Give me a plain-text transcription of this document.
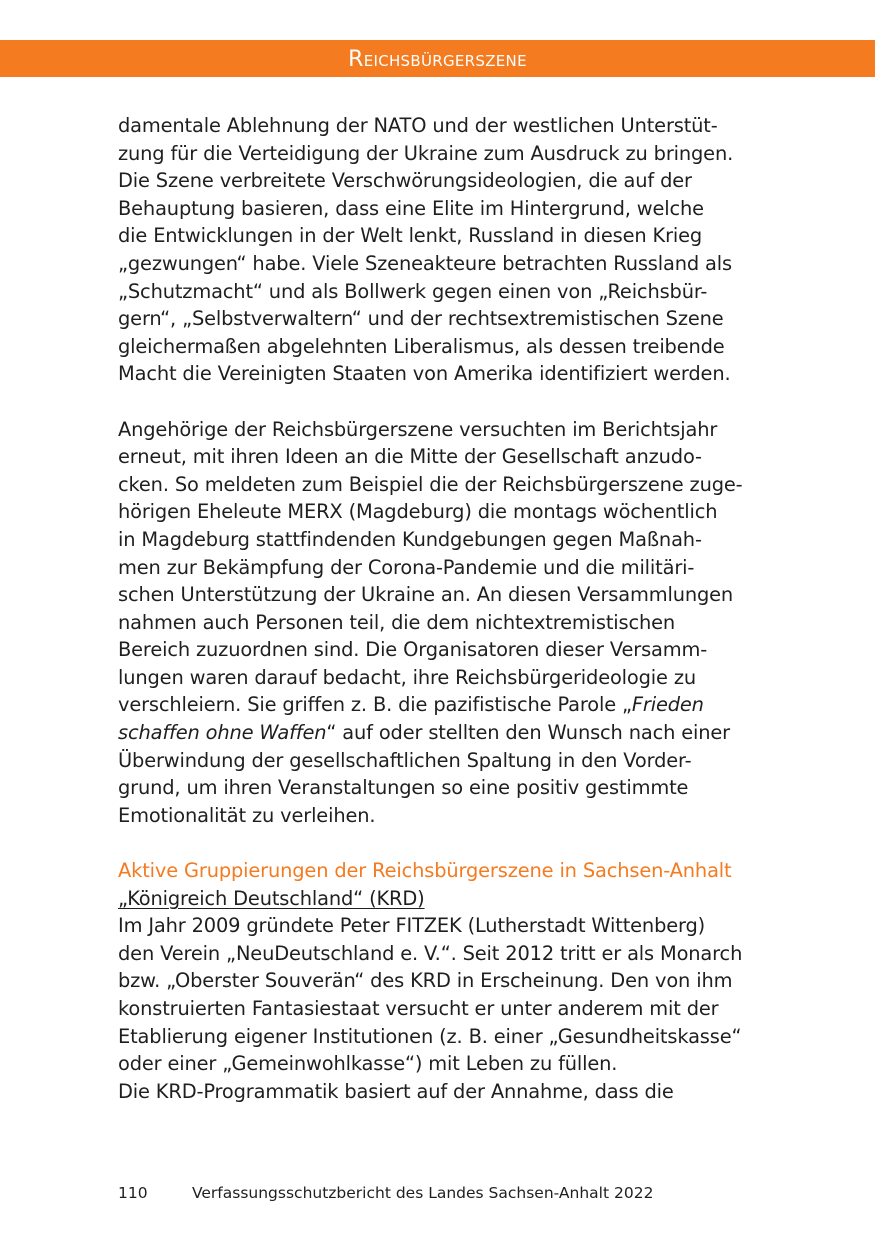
Reichsbürgerszene

damentale Ablehnung der NATO und der westlichen Unterstüt-
zung für die Verteidigung der Ukraine zum Ausdruck zu bringen.
Die Szene verbreitete Verschwörungsideologien, die auf der
Behauptung basieren, dass eine Elite im Hintergrund, welche
die Entwicklungen in der Welt lenkt, Russland in diesen Krieg
„gezwungen“ habe. Viele Szeneakteure betrachten Russland als
„Schutzmacht“ und als Bollwerk gegen einen von „Reichsbür-
gern“, „Selbstverwaltern“ und der rechtsextremistischen Szene
gleichermaßen abgelehnten Liberalismus, als dessen treibende
Macht die Vereinigten Staaten von Amerika identifiziert werden.

Angehörige der Reichsbürgerszene versuchten im Berichtsjahr
erneut, mit ihren Ideen an die Mitte der Gesellschaft anzudo-
cken. So meldeten zum Beispiel die der Reichsbürgerszene zuge-
hörigen Eheleute MERX (Magdeburg) die montags wöchentlich
in Magdeburg stattfindenden Kundgebungen gegen Maßnah-
men zur Bekämpfung der Corona-Pandemie und die militäri-
schen Unterstützung der Ukraine an. An diesen Versammlungen
nahmen auch Personen teil, die dem nichtextremistischen
Bereich zuzuordnen sind. Die Organisatoren dieser Versamm-
lungen waren darauf bedacht, ihre Reichsbürgerideologie zu
verschleiern. Sie griffen z. B. die pazifistische Parole „Frieden
schaffen ohne Waffen“ auf oder stellten den Wunsch nach einer
Überwindung der gesellschaftlichen Spaltung in den Vorder-
grund, um ihren Veranstaltungen so eine positiv gestimmte
Emotionalität zu verleihen.

Aktive Gruppierungen der Reichsbürgerszene in Sachsen-Anhalt
„Königreich Deutschland“ (KRD)

Im Jahr 2009 gründete Peter FITZEK (Lutherstadt Wittenberg)
den Verein „NeuDeutschland e. V.“. Seit 2012 tritt er als Monarch
bzw. „Oberster Souverän“ des KRD in Erscheinung. Den von ihm
konstruierten Fantasiestaat versucht er unter anderem mit der
Etablierung eigener Institutionen (z. B. einer „Gesundheitskasse“
oder einer „Gemeinwohlkasse“) mit Leben zu füllen.
Die KRD-Programmatik basiert auf der Annahme, dass die

110	Verfassungsschutzbericht des Landes Sachsen-Anhalt 2022
